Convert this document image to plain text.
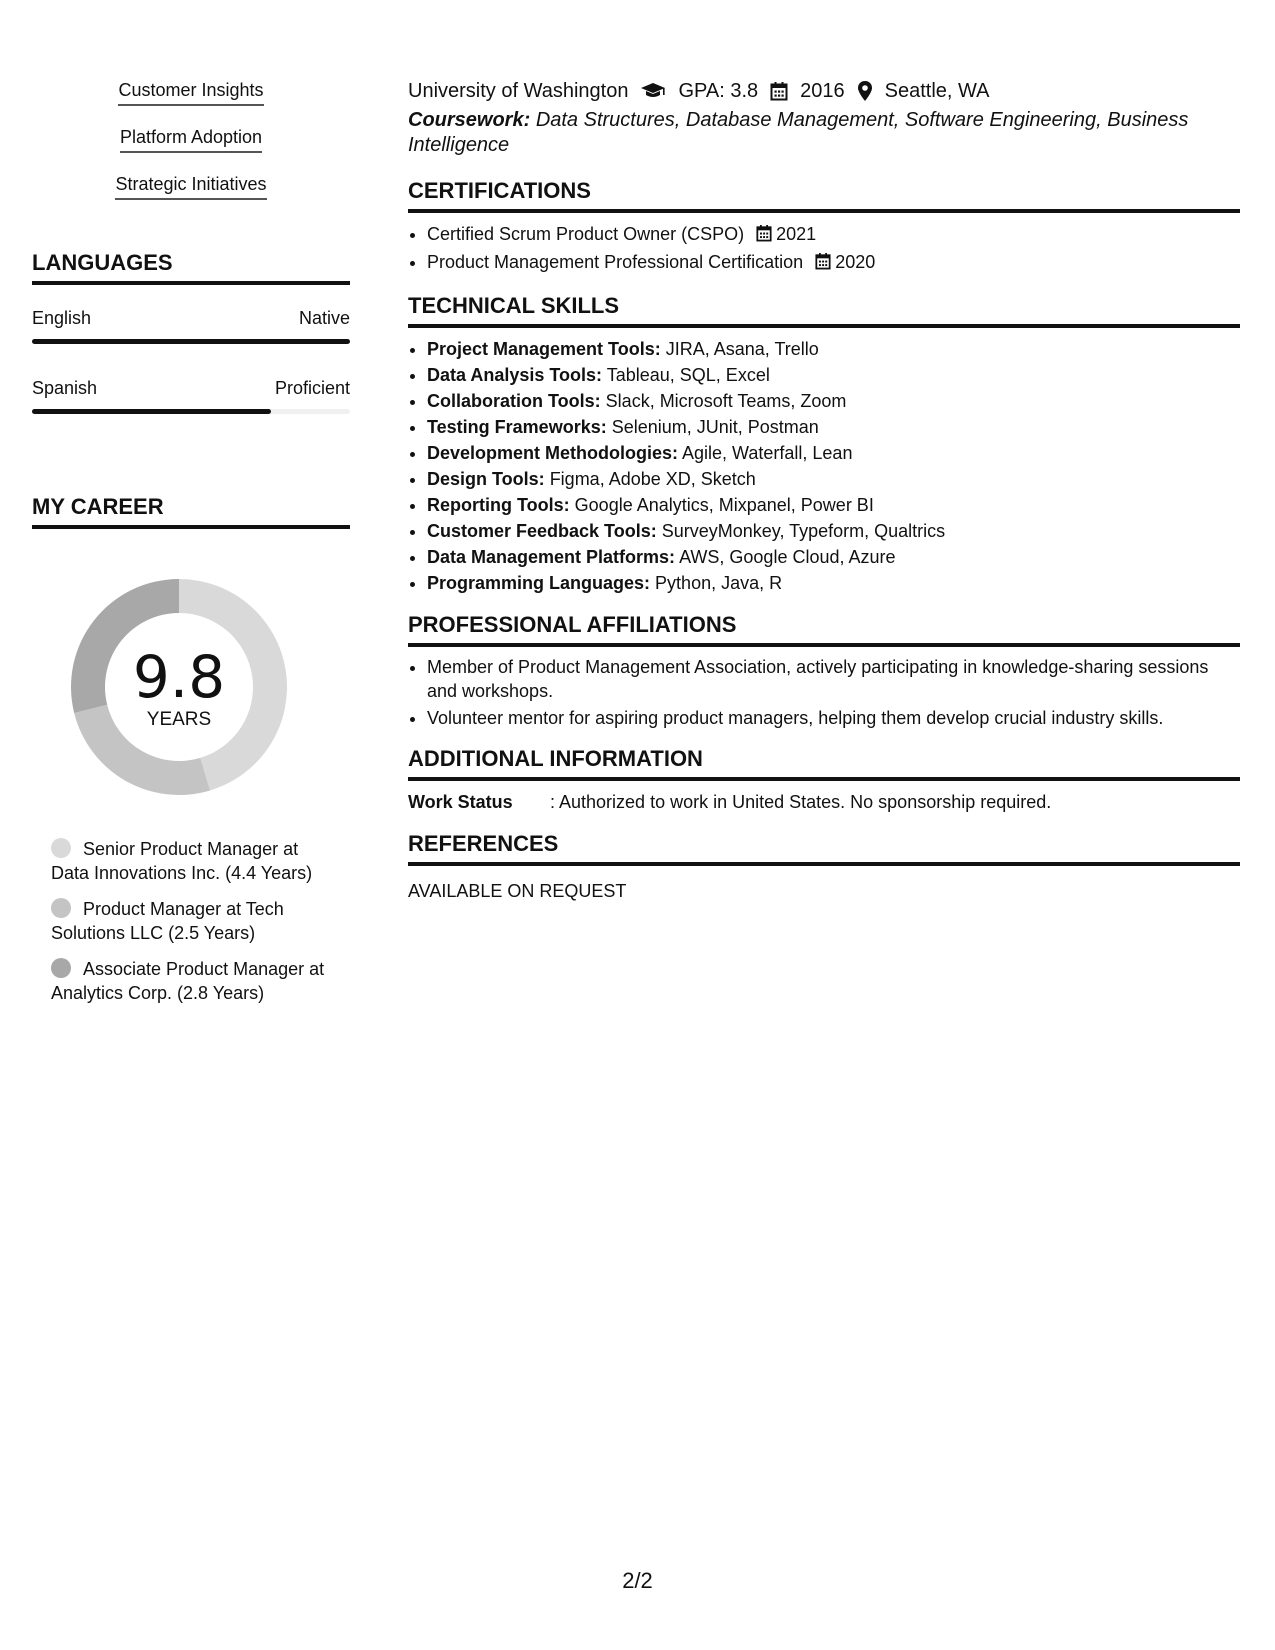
Customer Insights
Platform Adoption
Strategic Initiatives
LANGUAGES
English	Native
Spanish	Proficient
MY CAREER
9.8
YEARS
Senior Product Manager at Data Innovations Inc. (4.4 Years)
Product Manager at Tech Solutions LLC (2.5 Years)
Associate Product Manager at Analytics Corp. (2.8 Years)
University of Washington	GPA: 3.8 2016 Seattle, WA
Coursework: Data Structures, Database Management, Software Engineering, Business Intelligence
CERTIFICATIONS
• Certified Scrum Product Owner (CSPO) 2021
• Product Management Professional Certification 2020
TECHNICAL SKILLS
• Project Management Tools: JIRA, Asana, Trello
• Data Analysis Tools: Tableau, SQL, Excel
• Collaboration Tools: Slack, Microsoft Teams, Zoom
• Testing Frameworks: Selenium, JUnit, Postman
• Development Methodologies: Agile, Waterfall, Lean
• Design Tools: Figma, Adobe XD, Sketch
• Reporting Tools: Google Analytics, Mixpanel, Power BI
• Customer Feedback Tools: SurveyMonkey, Typeform, Qualtrics
• Data Management Platforms: AWS, Google Cloud, Azure
• Programming Languages: Python, Java, R
PROFESSIONAL AFFILIATIONS
• Member of Product Management Association, actively participating in knowledge-sharing sessions and workshops.
• Volunteer mentor for aspiring product managers, helping them develop crucial industry skills.
ADDITIONAL INFORMATION
Work Status	: Authorized to work in United States. No sponsorship required.
REFERENCES
AVAILABLE ON REQUEST
2/2
